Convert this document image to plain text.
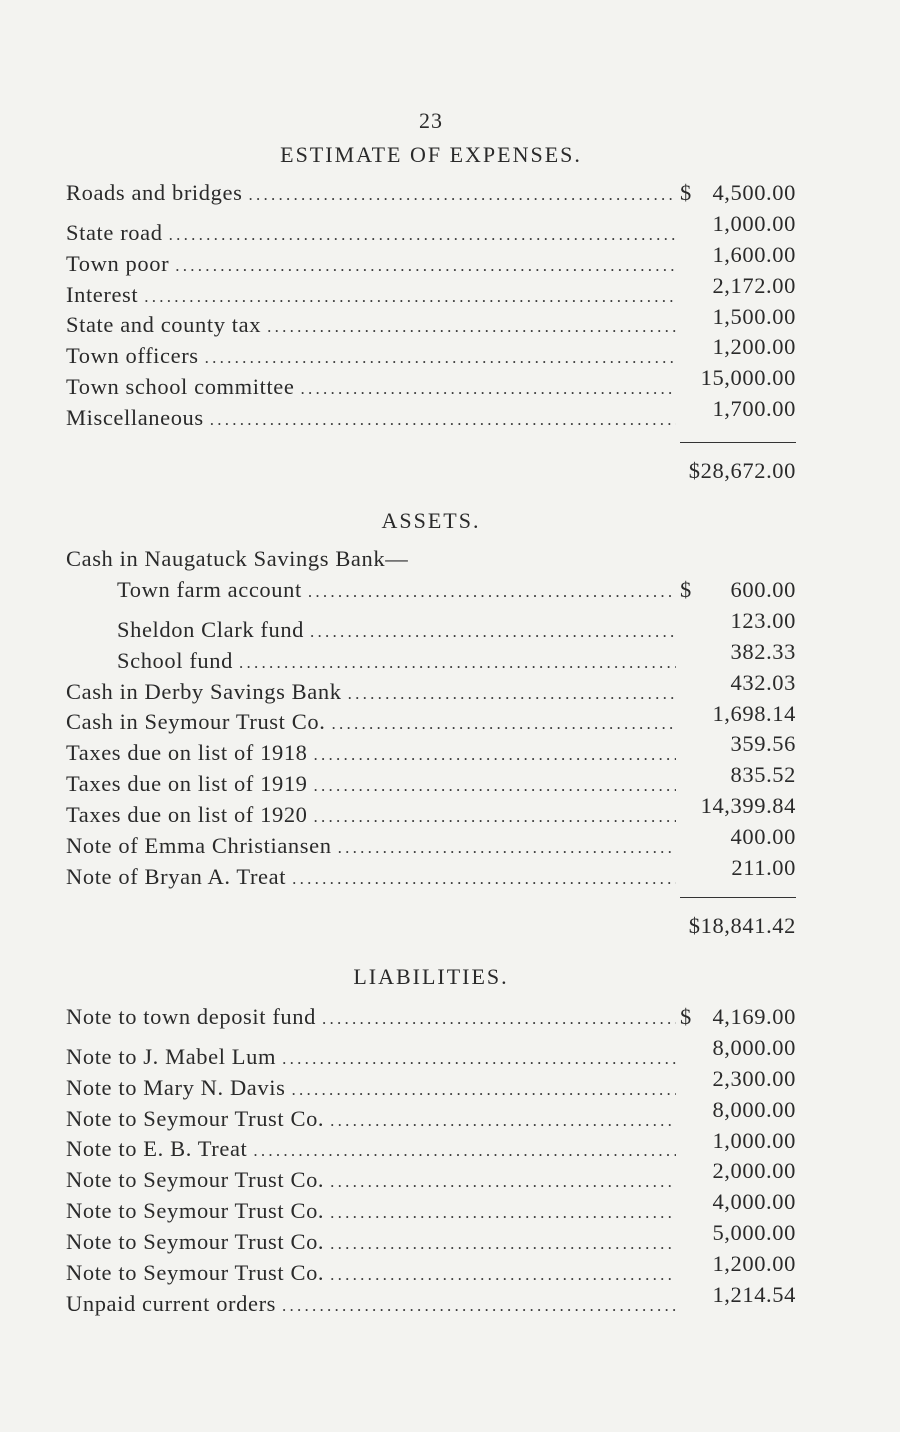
23
ESTIMATE OF EXPENSES.
Roads and bridges . . .	$ 4,500.00
State road . . .	1,000.00
Town poor . . .	1,600.00
Interest . . .	2,172.00
State and county tax . . .	1,500.00
Town officers . . .	1,200.00
Town school committee . . .	15,000.00
Miscellaneous . . .	1,700.00
$28,672.00
ASSETS.
Cash in Naugatuck Savings Bank—
Town farm account . . .	$	600.00
Sheldon Clark fund . . .	123.00
School fund . . .	382.33
Cash in Derby Savings Bank . . .	432.03
Cash in Seymour Trust Co. . . .	1,698.14
Taxes due on list of 1918 . . .	359.56
Taxes due on list of 1919 . . .	835.52
Taxes due on list of 1920 . . .	14,399.84
Note of Emma Christiansen . . .	400.00
Note of Bryan A. Treat . . .	211.00
$18,841.42
LIABILITIES.
Note to town deposit fund . . .	$ 4,169.00
Note to J. Mabel Lum . . .	8,000.00
Note to Mary N. Davis . . .	2,300.00
Note to Seymour Trust Co. . . .	8,000.00
Note to E. B. Treat . . .	1,000.00
Note to Seymour Trust Co. . . .	2,000.00
Note to Seymour Trust Co. . . .	4,000.00
Note to Seymour Trust Co. . . .	5,000.00
Note to Seymour Trust Co. . . .	1,200.00
Unpaid current orders . . .	1,214.54
